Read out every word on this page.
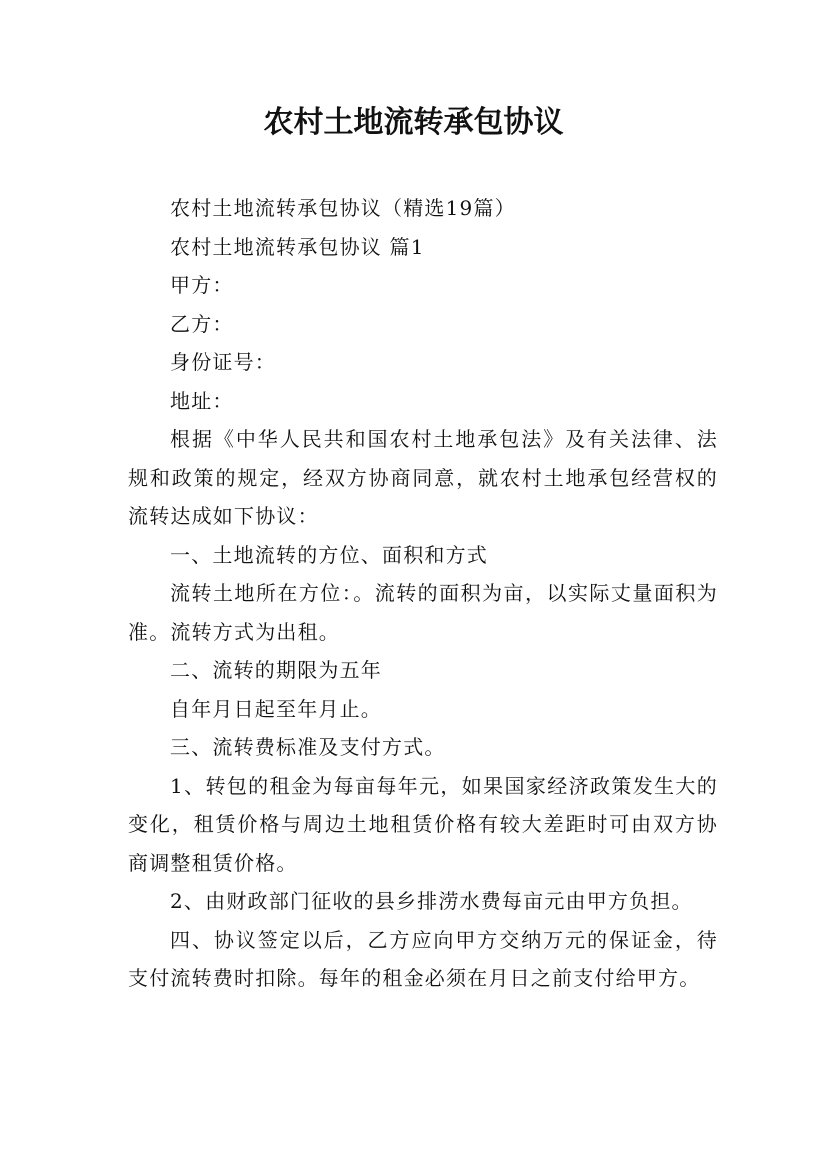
农村土地流转承包协议

农村土地流转承包协议（精选19篇）

农村土地流转承包协议 篇1

甲方：

乙方：

身份证号：

地址：

根据《中华人民共和国农村土地承包法》及有关法律、法规和政策的规定，经双方协商同意，就农村土地承包经营权的流转达成如下协议：

一、土地流转的方位、面积和方式

流转土地所在方位：。流转的面积为亩，以实际丈量面积为准。流转方式为出租。

二、流转的期限为五年

自年月日起至年月止。

三、流转费标准及支付方式。

1、转包的租金为每亩每年元，如果国家经济政策发生大的变化，租赁价格与周边土地租赁价格有较大差距时可由双方协商调整租赁价格。

2、由财政部门征收的县乡排涝水费每亩元由甲方负担。

四、协议签定以后，乙方应向甲方交纳万元的保证金，待支付流转费时扣除。每年的租金必须在月日之前支付给甲方。
